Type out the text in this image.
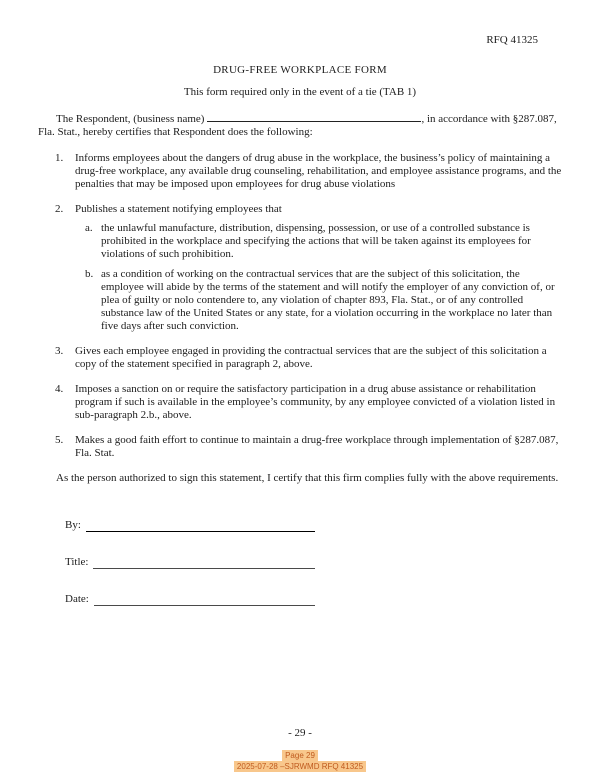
RFQ 41325
DRUG-FREE WORKPLACE FORM
This form required only in the event of a tie (TAB 1)

The Respondent, (business name)	, in accordance with §287.087, Fla. Stat., hereby certifies that Respondent does the following:

1.	Informs employees about the dangers of drug abuse in the workplace, the business’s policy of maintaining a drug-free workplace, any available drug counseling, rehabilitation, and employee assistance programs, and the penalties that may be imposed upon employees for drug abuse violations
2.	Publishes a statement notifying employees that
a. the unlawful manufacture, distribution, dispensing, possession, or use of a controlled substance is prohibited in the workplace and specifying the actions that will be taken against its employees for violations of such prohibition.
b. as a condition of working on the contractual services that are the subject of this solicitation, the employee will abide by the terms of the statement and will notify the employer of any conviction of, or plea of guilty or nolo contendere to, any violation of chapter 893, Fla. Stat., or of any controlled substance law of the United States or any state, for a violation occurring in the workplace no later than five days after such conviction.
3.	Gives each employee engaged in providing the contractual services that are the subject of this solicitation a copy of the statement specified in paragraph 2, above.
4.	Imposes a sanction on or require the satisfactory participation in a drug abuse assistance or rehabilitation program if such is available in the employee’s community, by any employee convicted of a violation listed in sub-paragraph 2.b., above.
5.	Makes a good faith effort to continue to maintain a drug-free workplace through implementation of §287.087, Fla. Stat.

As the person authorized to sign this statement, I certify that this firm complies fully with the above requirements.

By:
Title:
Date:
- 29 -
Page 29
2025-07-28 –SJRWMD RFQ 41325
